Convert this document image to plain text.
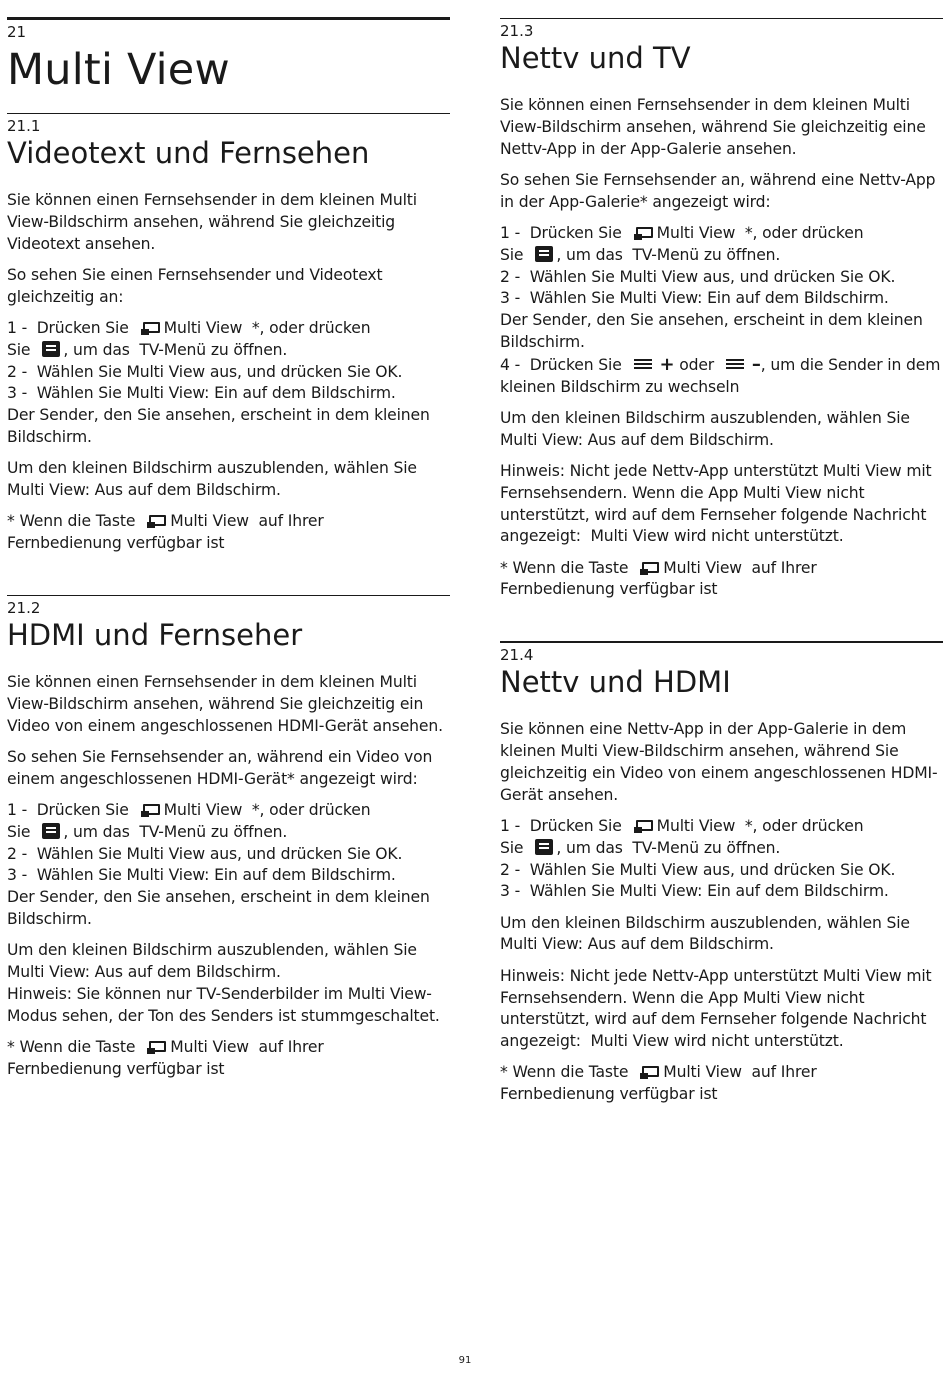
21
Multi View
21.1
Videotext und Fernsehen

Sie können einen Fernsehsender in dem kleinen Multi View-Bildschirm ansehen, während Sie gleichzeitig Videotext ansehen.

So sehen Sie einen Fernsehsender und Videotext gleichzeitig an:

1 - Drücken Sie Multi View *, oder drücken
Sie , um das TV-Menü zu öffnen.

2 - Wählen Sie Multi View aus, und drücken Sie OK.

3 - Wählen Sie Multi View: Ein auf dem Bildschirm.

Der Sender, den Sie ansehen, erscheint in dem kleinen Bildschirm.

Um den kleinen Bildschirm auszublenden, wählen Sie  Multi View: Aus auf dem Bildschirm.

* Wenn die Taste Multi View auf Ihrer
Fernbedienung verfügbar ist

21.2
HDMI und Fernseher

Sie können einen Fernsehsender in dem kleinen Multi View-Bildschirm ansehen, während Sie gleichzeitig ein Video von einem angeschlossenen HDMI-Gerät ansehen.

So sehen Sie Fernsehsender an, während ein Video von einem angeschlossenen HDMI-Gerät* angezeigt wird:

1 - Drücken Sie Multi View *, oder drücken
Sie , um das TV-Menü zu öffnen.

2 - Wählen Sie Multi View aus, und drücken Sie OK.

3 - Wählen Sie Multi View: Ein auf dem Bildschirm.

Der Sender, den Sie ansehen, erscheint in dem kleinen Bildschirm.

Um den kleinen Bildschirm auszublenden, wählen Sie  Multi View: Aus auf dem Bildschirm.

Hinweis: Sie können nur TV-Senderbilder im Multi View-Modus sehen, der Ton des Senders ist stummgeschaltet.

* Wenn die Taste Multi View auf Ihrer
Fernbedienung verfügbar ist

21.3
Nettv und TV

Sie können einen Fernsehsender in dem kleinen Multi View-Bildschirm ansehen, während Sie gleichzeitig eine Nettv-App in der App-Galerie ansehen.

So sehen Sie Fernsehsender an, während eine Nettv-App in der App-Galerie* angezeigt wird:

1 - Drücken Sie Multi View *, oder drücken
Sie , um das TV-Menü zu öffnen.

2 - Wählen Sie Multi View aus, und drücken Sie OK.

3 - Wählen Sie Multi View: Ein auf dem Bildschirm.

Der Sender, den Sie ansehen, erscheint in dem kleinen Bildschirm.

4 - Drücken Sie + oder –, um die Sender in dem kleinen Bildschirm zu wechseln

Um den kleinen Bildschirm auszublenden, wählen Sie  Multi View: Aus auf dem Bildschirm.

Hinweis: Nicht jede Nettv-App unterstützt Multi View mit Fernsehsendern. Wenn die App Multi View nicht unterstützt, wird auf dem Fernseher folgende Nachricht angezeigt: Multi View wird nicht unterstützt.

* Wenn die Taste Multi View auf Ihrer
Fernbedienung verfügbar ist

21.4
Nettv und HDMI

Sie können eine Nettv-App in der App-Galerie in dem kleinen Multi View-Bildschirm ansehen, während Sie gleichzeitig ein Video von einem angeschlossenen HDMI-Gerät ansehen.

1 - Drücken Sie Multi View *, oder drücken
Sie , um das TV-Menü zu öffnen.

2 - Wählen Sie Multi View aus, und drücken Sie OK.

3 - Wählen Sie Multi View: Ein auf dem Bildschirm.

Um den kleinen Bildschirm auszublenden, wählen Sie  Multi View: Aus auf dem Bildschirm.

Hinweis: Nicht jede Nettv-App unterstützt Multi View mit Fernsehsendern. Wenn die App Multi View nicht unterstützt, wird auf dem Fernseher folgende Nachricht angezeigt: Multi View wird nicht unterstützt.

* Wenn die Taste Multi View auf Ihrer
Fernbedienung verfügbar ist

91
